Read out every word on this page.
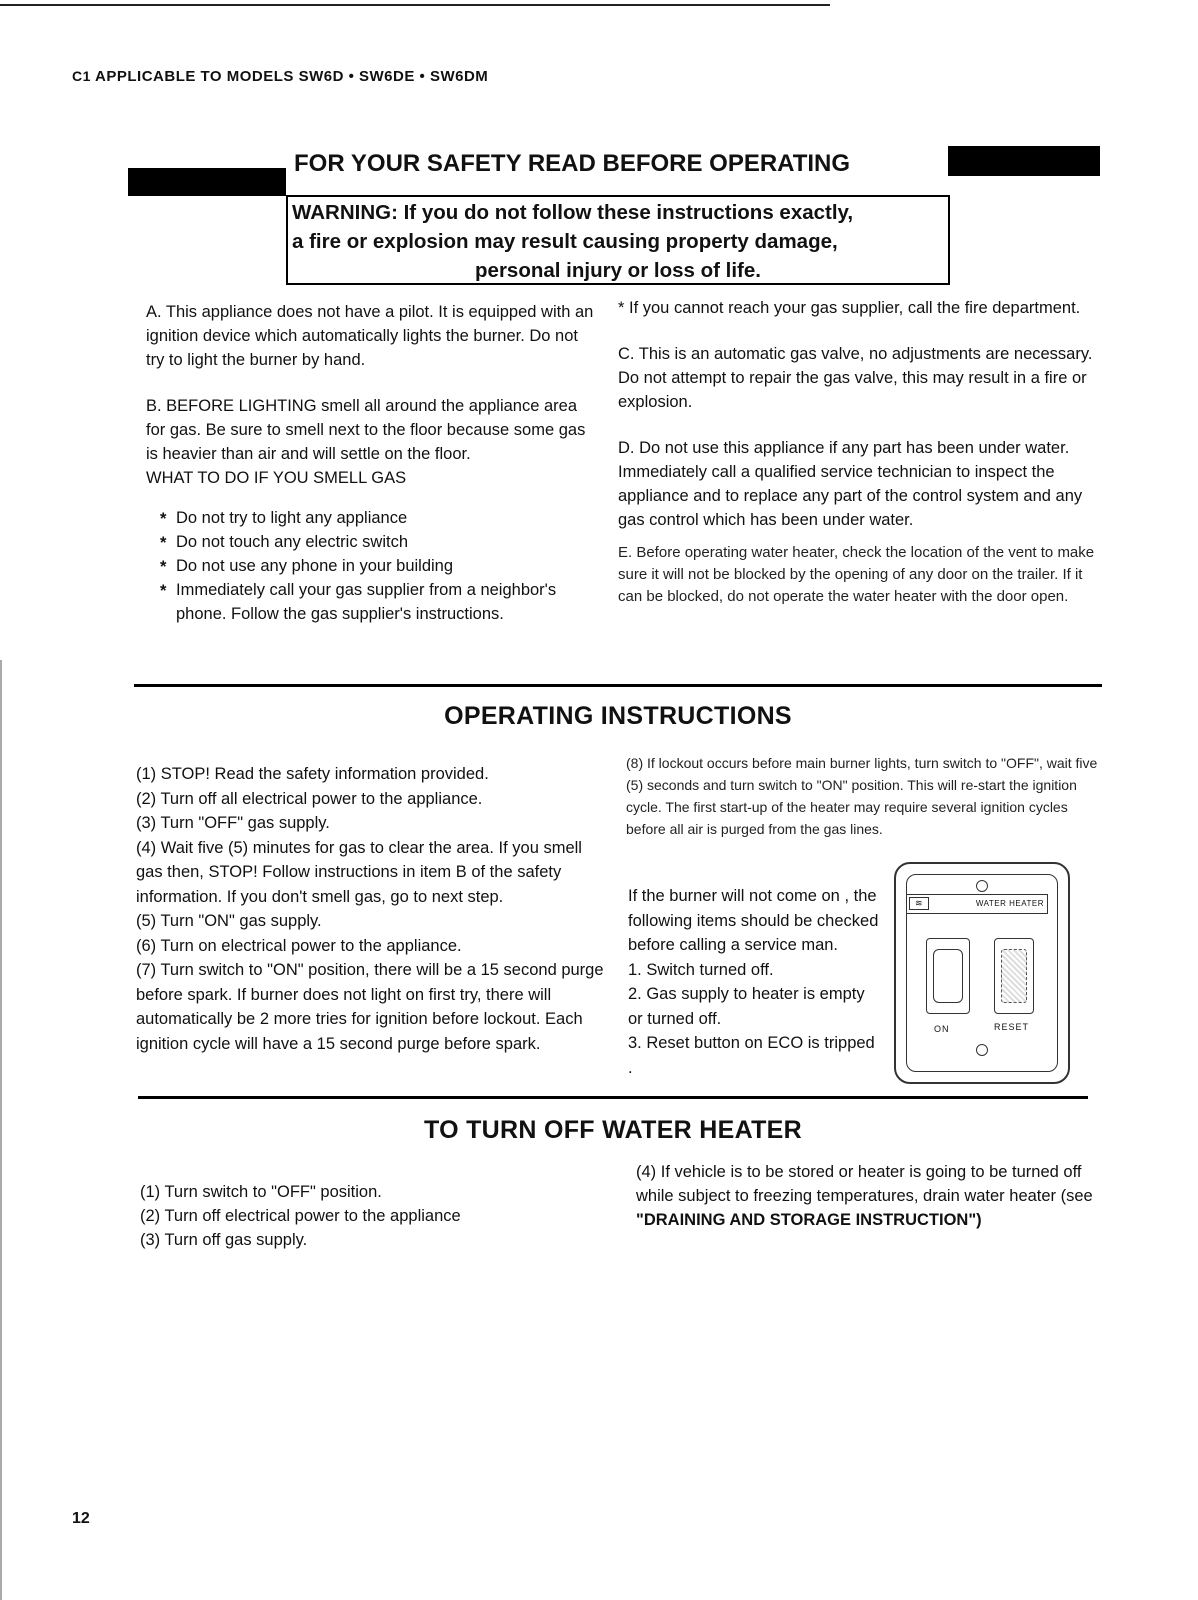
C1 APPLICABLE TO MODELS SW6D • SW6DE • SW6DM
FOR YOUR SAFETY READ BEFORE OPERATING
WARNING: If you do not follow these instructions exactly,
a fire or explosion may result causing property damage,
personal injury or loss of life.

A. This appliance does not have a pilot. It is equipped with an ignition device which automatically lights the burner. Do not try to light the burner by hand.

B. BEFORE LIGHTING smell all around the appliance area for gas. Be sure to smell next to the floor because some gas is heavier than air and will settle on the floor.

WHAT TO DO IF YOU SMELL GAS

* Do not try to light any appliance
* Do not touch any electric switch
* Do not use any phone in your building
* Immediately call your gas supplier from a neighbor's phone. Follow the gas supplier's instructions.

* If you cannot reach your gas supplier, call the fire department.

C. This is an automatic gas valve, no adjustments are necessary. Do not attempt to repair the gas valve, this may result in a fire or explosion.

D. Do not use this appliance if any part has been under water. Immediately call a qualified service technician to inspect the appliance and to replace any part of the control system and any gas control which has been under water.

E. Before operating water heater, check the location of the vent to make sure it will not be blocked by the opening of any door on the trailer. If it can be blocked, do not operate the water heater with the door open.

OPERATING INSTRUCTIONS

(1) STOP! Read the safety information provided.

(2) Turn off all electrical power to the appliance.

(3) Turn "OFF" gas supply.

(4) Wait five (5) minutes for gas to clear the area. If you smell gas then, STOP! Follow instructions in item B of the safety information. If you don't smell gas, go to next step.

(5) Turn "ON" gas supply.

(6) Turn on electrical power to the appliance.

(7) Turn switch to "ON" position, there will be a 15 second purge before spark. If burner does not light on first try, there will automatically be 2 more tries for ignition before lockout. Each ignition cycle will have a 15 second purge before spark.

(8) If lockout occurs before main burner lights, turn switch to "OFF", wait five (5) seconds and turn switch to "ON" position. This will re-start the ignition cycle. The first start-up of the heater may require several ignition cycles before all air is purged from the gas lines.

If the burner will not come on , the following items should be checked before calling a service man.

1. Switch turned off.

2. Gas supply to heater is empty or turned off.

3. Reset button on ECO is tripped .

≋	WATER HEATER
ON	RESET
TO TURN OFF WATER HEATER

(1) Turn switch to "OFF" position.

(2) Turn off electrical power to the appliance

(3) Turn off gas supply.

(4) If vehicle is to be stored or heater is going to be turned off while subject to freezing temperatures, drain water heater (see "DRAINING AND STORAGE INSTRUCTION")
12
